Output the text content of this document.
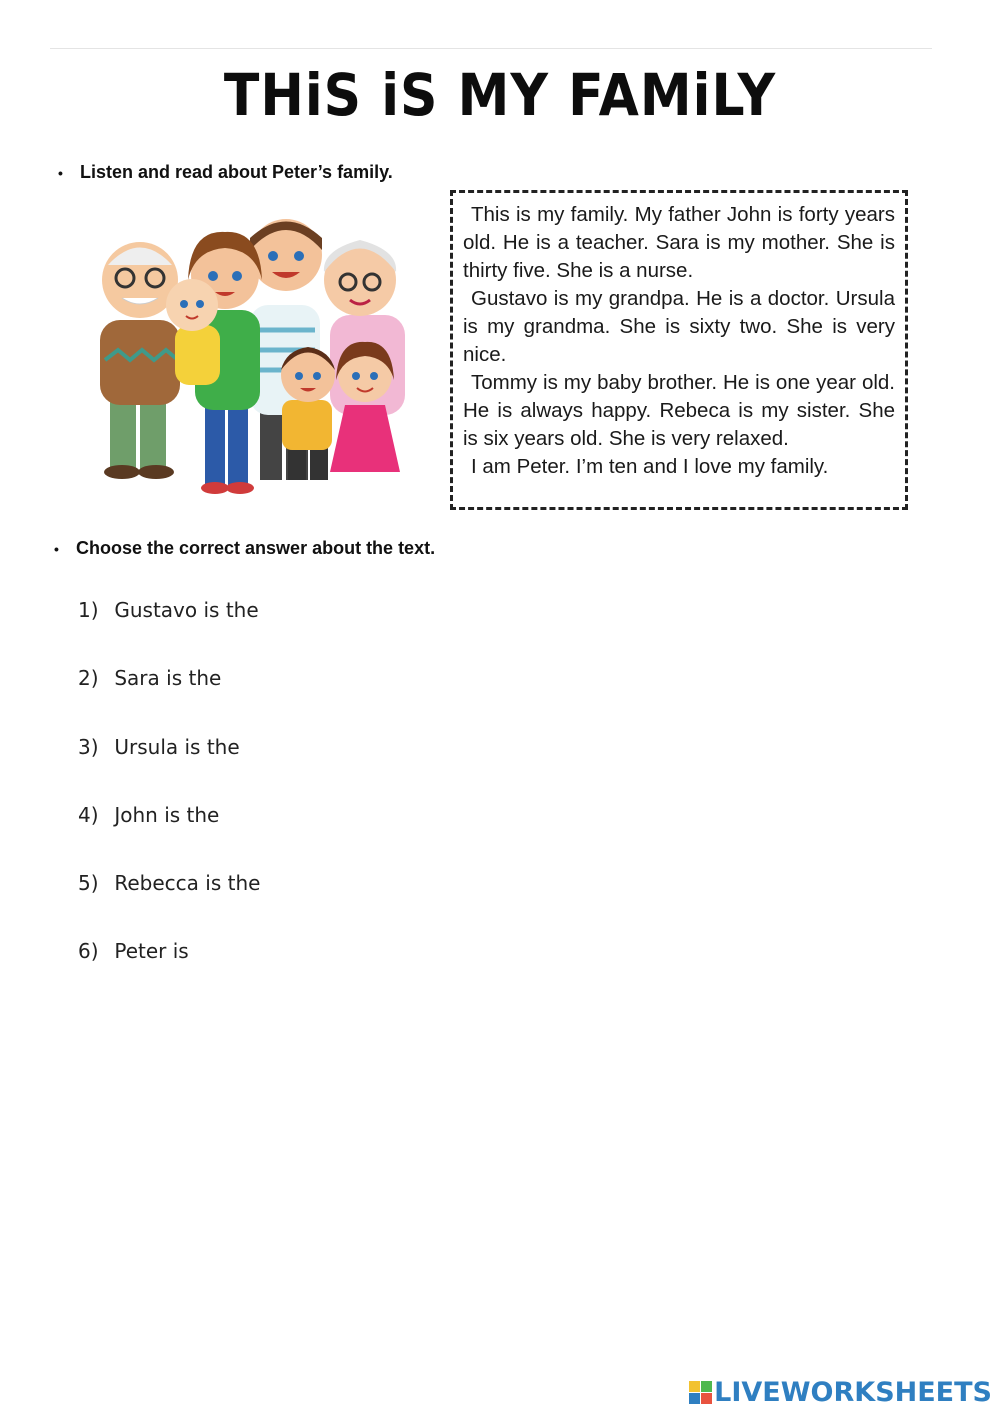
THiS iS MY FAMiLY
• Listen and read about Peter’s family.

This is my family. My father John is forty years old. He is a teacher. Sara is my mother. She is thirty five. She is a nurse.

Gustavo is my grandpa. He is a doctor. Ursula is my grandma. She is sixty two. She is very nice.

Tommy is my baby brother. He is one year old. He is always happy. Rebeca is my sister. She is six years old. She is very relaxed.

I am Peter. I’m ten and I love my family.

• Choose the correct answer about the text.
1) Gustavo is the
2) Sara is the
3) Ursula is the
4) John is the
5) Rebecca is the
6) Peter is
LIVEWORKSHEETS
